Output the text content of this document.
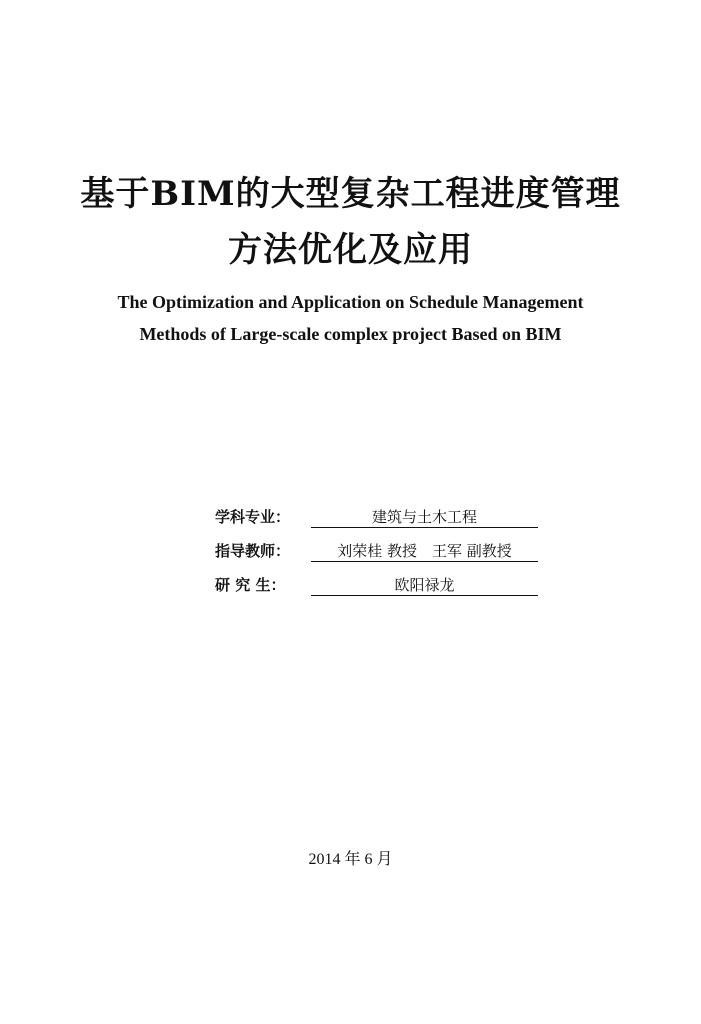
基于BIM的大型复杂工程进度管理
方法优化及应用
The Optimization and Application on Schedule Management
Methods of Large-scale complex project Based on BIM
学科专业：	建筑与土木工程
指导教师：	刘荣桂 教授　王军 副教授
研 究 生：	欧阳禄龙
2014 年 6 月
